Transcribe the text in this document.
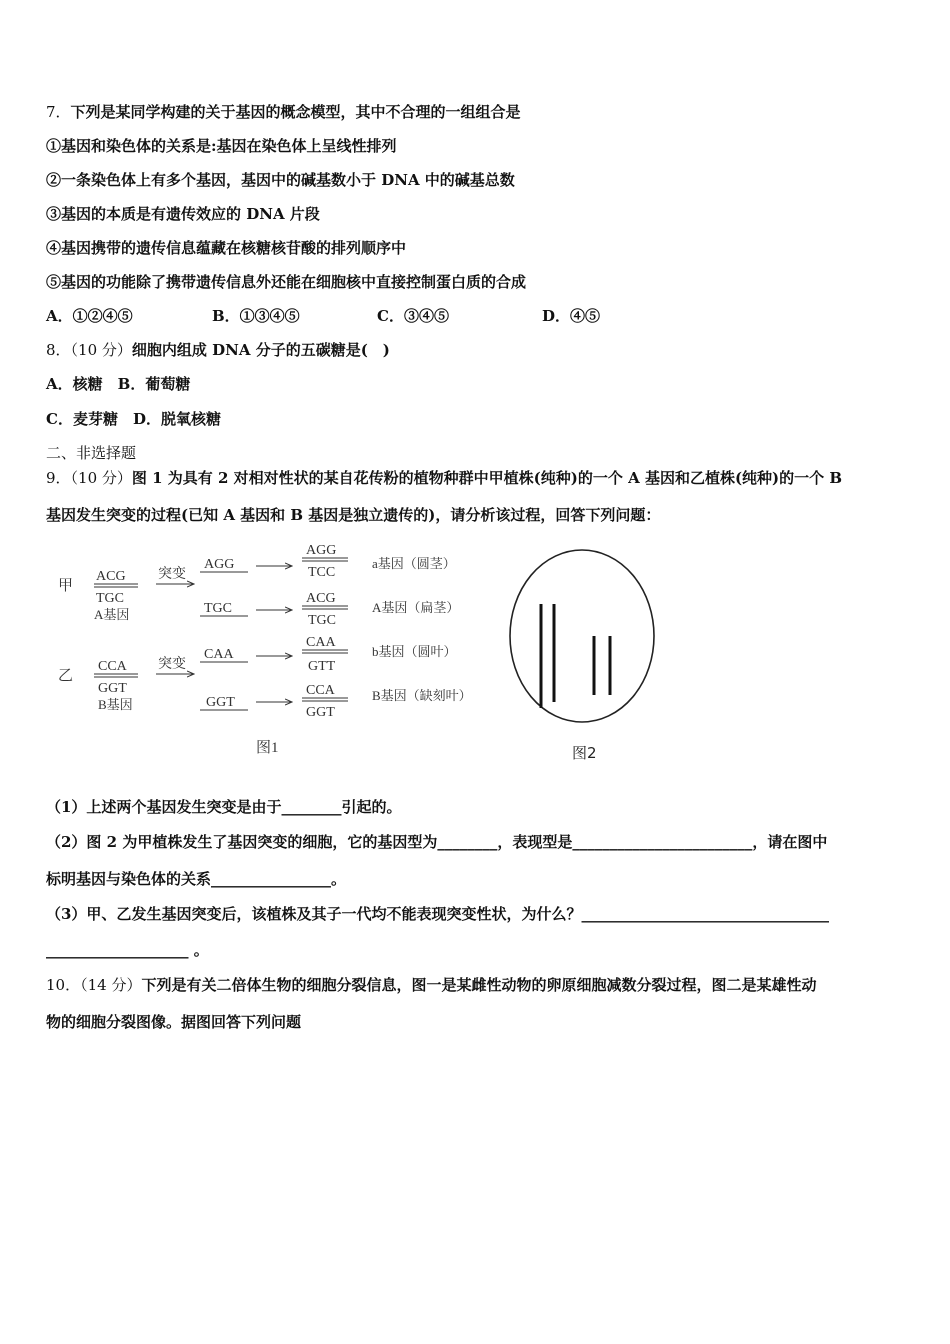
7．下列是某同学构建的关于基因的概念模型，其中不合理的一组组合是
①基因和染色体的关系是:基因在染色体上呈线性排列
②一条染色体上有多个基因，基因中的碱基数小于 DNA 中的碱基总数
③基因的本质是有遗传效应的 DNA 片段
④基因携带的遗传信息蕴藏在核糖核苷酸的排列顺序中
⑤基因的功能除了携带遗传信息外还能在细胞核中直接控制蛋白质的合成
A．①②④⑤	B．①③④⑤	C．③④⑤	D．④⑤
8．（10 分）细胞内组成 DNA 分子的五碳糖是(　)
A．核糖　B．葡萄糖
C．麦芽糖　D．脱氧核糖
二、非选择题
9．（10 分）图 1 为具有 2 对相对性状的某自花传粉的植物种群中甲植株(纯种)的一个 A 基因和乙植株(纯种)的一个 B
基因发生突变的过程(已知 A 基因和 B 基因是独立遗传的)，请分析该过程，回答下列问题：
甲
ACG
TGC
A基因
突变
AGG
AGG
TCC
a基因（圆茎）
TGC
ACG
TGC
A基因（扁茎）
乙
CCA
GGT
B基因
突变
CAA
CAA
GTT
b基因（圆叶）
GGT
CCA
GGT
B基因（缺刻叶）
图1	图2
（1）上述两个基因发生突变是由于________引起的。
（2）图 2 为甲植株发生了基因突变的细胞，它的基因型为________，表现型是________________________，请在图中
标明基因与染色体的关系________________。
（3）甲、乙发生基因突变后，该植株及其子一代均不能表现突变性状，为什么？_________________________________
___________________ 。
10．（14 分）下列是有关二倍体生物的细胞分裂信息，图一是某雌性动物的卵原细胞减数分裂过程，图二是某雄性动
物的细胞分裂图像。据图回答下列问题
